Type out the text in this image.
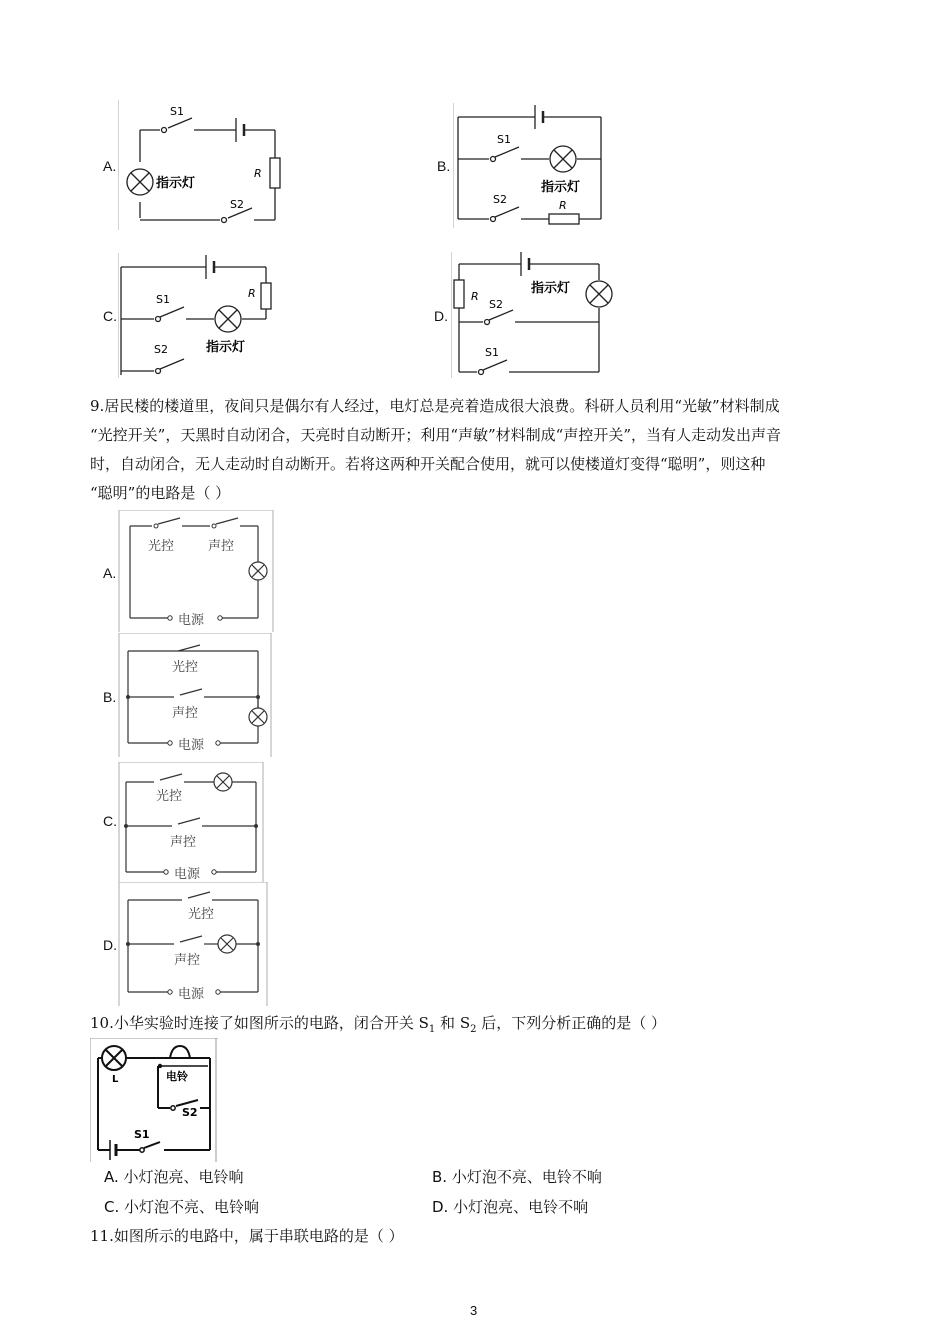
A.
S1
指示灯
R
S2
B.
S1
指示灯
S2	R
C.
S1
指示灯
S2
R
D.
R
指示灯
S2
S1

9.居民楼的楼道里，夜间只是偶尔有人经过，电灯总是亮着造成很大浪费。科研人员利用“光敏”材料制成

“光控开关”，天黑时自动闭合，天亮时自动断开；利用“声敏”材料制成“声控开关”，当有人走动发出声音

时，自动闭合，无人走动时自动断开。若将这两种开关配合使用，就可以使楼道灯变得“聪明”，则这种

“聪明”的电路是（ ）

A.
光控	声控
电源
B.
光控
声控
电源
C.
光控
声控
电源
D.
光控
声控
电源
10.小华实验时连接了如图所示的电路，闭合开关 $S_1$ 和 $S_2$ 后，下列分析正确的是（ ）
电铃
L
S2
S1
A. 小灯泡亮、电铃响	B. 小灯泡不亮、电铃不响
C. 小灯泡不亮、电铃响	D. 小灯泡亮、电铃不响
11.如图所示的电路中，属于串联电路的是（ ）
3
